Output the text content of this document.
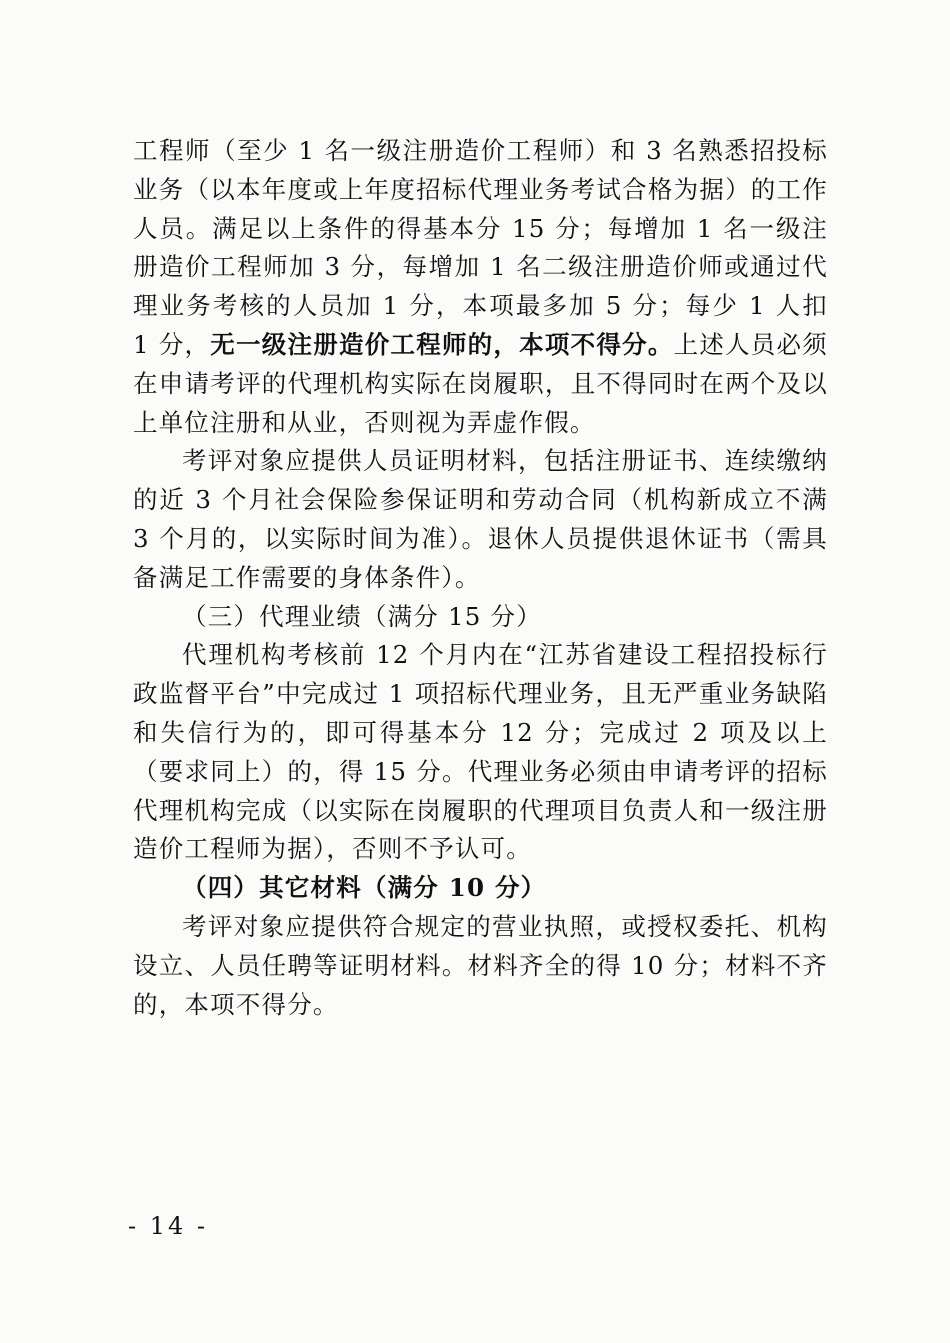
工程师（至少 1 名一级注册造价工程师）和 3 名熟悉招投标业务（以本年度或上年度招标代理业务考试合格为据）的工作人员。满足以上条件的得基本分 15 分；每增加 1 名一级注册造价工程师加 3 分，每增加 1 名二级注册造价师或通过代理业务考核的人员加 1 分，本项最多加 5 分；每少 1 人扣 1 分，无一级注册造价工程师的，本项不得分。上述人员必须在申请考评的代理机构实际在岗履职，且不得同时在两个及以上单位注册和从业，否则视为弄虚作假。

考评对象应提供人员证明材料，包括注册证书、连续缴纳的近 3 个月社会保险参保证明和劳动合同（机构新成立不满 3 个月的，以实际时间为准）。退休人员提供退休证书（需具备满足工作需要的身体条件）。

（三）代理业绩（满分 15 分）

代理机构考核前 12 个月内在“江苏省建设工程招投标行政监督平台”中完成过 1 项招标代理业务，且无严重业务缺陷和失信行为的，即可得基本分 12 分；完成过 2 项及以上（要求同上）的，得 15 分。代理业务必须由申请考评的招标代理机构完成（以实际在岗履职的代理项目负责人和一级注册造价工程师为据），否则不予认可。

（四）其它材料（满分 10 分）

考评对象应提供符合规定的营业执照，或授权委托、机构设立、人员任聘等证明材料。材料齐全的得 10 分；材料不齐的，本项不得分。

- 14 -
